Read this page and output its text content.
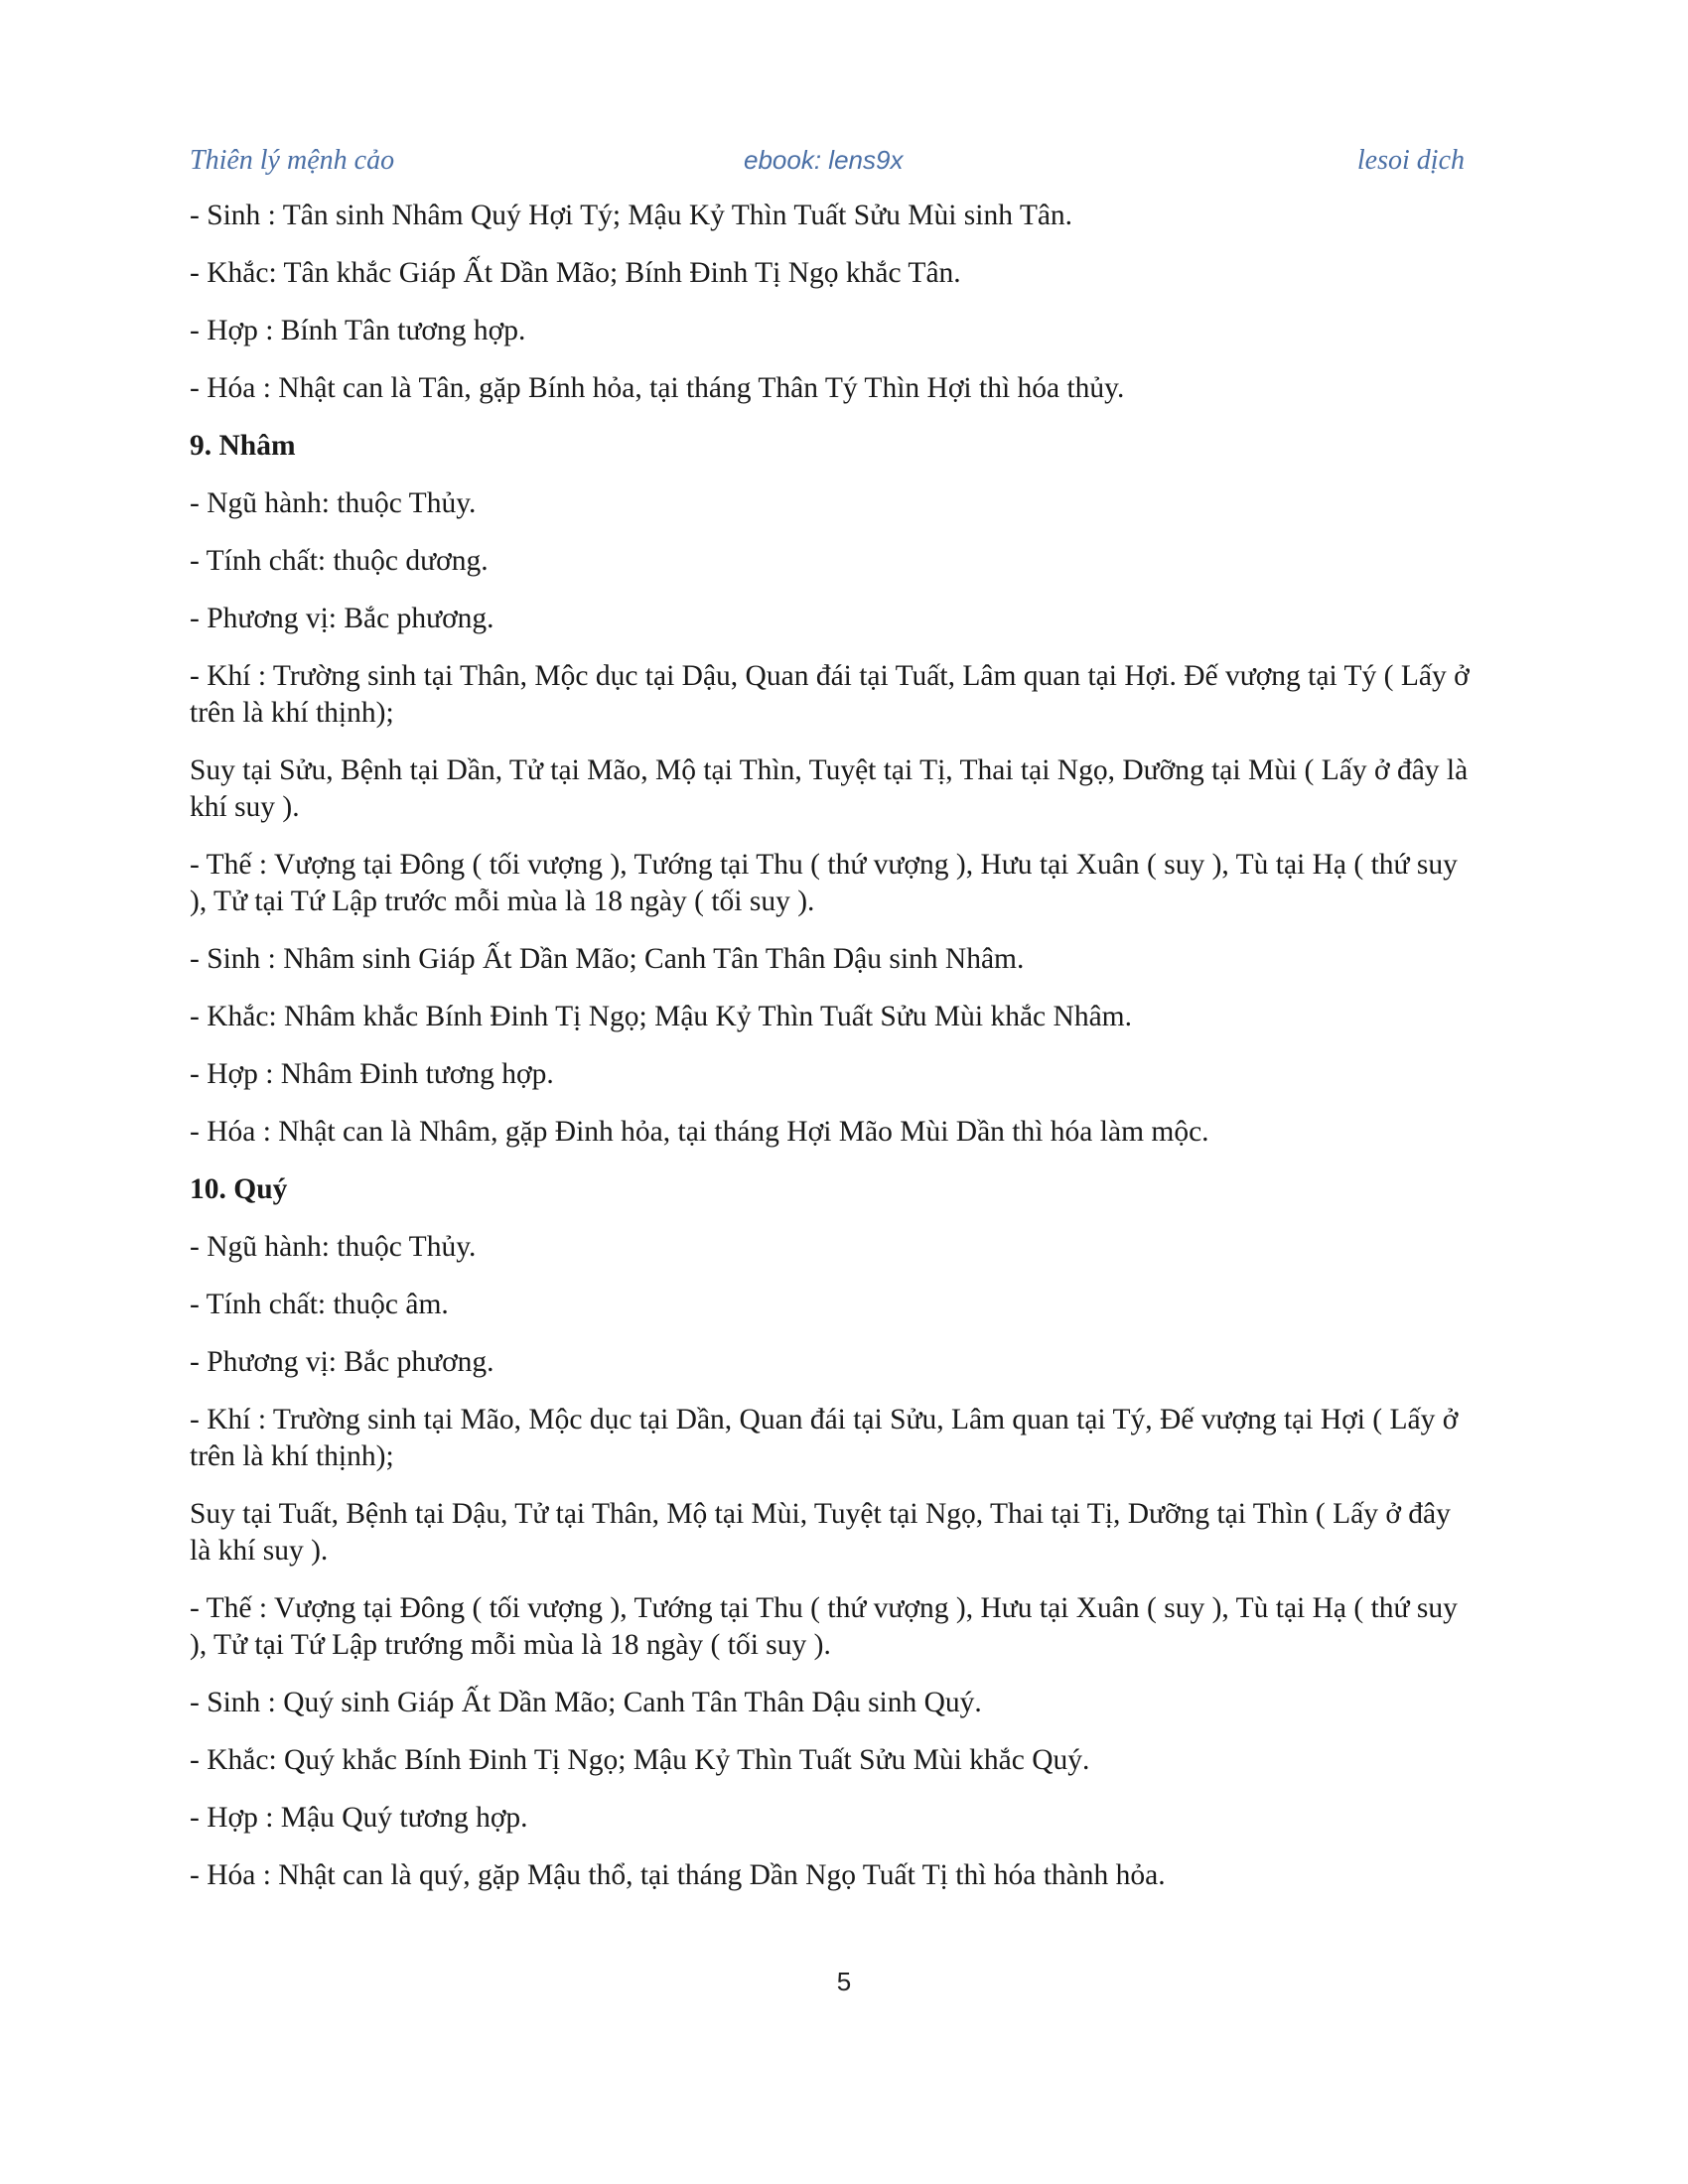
Thiên lý mệnh cảo	ebook: lens9x	lesoi dịch

- Sinh : Tân sinh Nhâm Quý Hợi Tý; Mậu Kỷ Thìn Tuất Sửu Mùi sinh Tân.

- Khắc: Tân khắc Giáp Ất Dần Mão; Bính Đinh Tị Ngọ khắc Tân.

- Hợp : Bính Tân tương hợp.

- Hóa : Nhật can là Tân, gặp Bính hỏa, tại tháng Thân Tý Thìn Hợi thì hóa thủy.

9. Nhâm

- Ngũ hành: thuộc Thủy.

- Tính chất: thuộc dương.

- Phương vị: Bắc phương.

- Khí : Trường sinh tại Thân, Mộc dục tại Dậu, Quan đái tại Tuất, Lâm quan tại Hợi. Đế vượng tại Tý ( Lấy ở trên là khí thịnh);

Suy tại Sửu, Bệnh tại Dần, Tử tại Mão, Mộ tại Thìn, Tuyệt tại Tị, Thai tại Ngọ, Dưỡng tại Mùi ( Lấy ở đây là khí suy ).

- Thế : Vượng tại Đông ( tối vượng ), Tướng tại Thu ( thứ vượng ), Hưu tại Xuân ( suy ), Tù tại Hạ ( thứ suy ), Tử tại Tứ Lập trước mỗi mùa là 18 ngày ( tối suy ).

- Sinh : Nhâm sinh Giáp Ất Dần Mão; Canh Tân Thân Dậu sinh Nhâm.

- Khắc: Nhâm khắc Bính Đinh Tị Ngọ; Mậu Kỷ Thìn Tuất Sửu Mùi khắc Nhâm.

- Hợp : Nhâm Đinh tương hợp.

- Hóa : Nhật can là Nhâm, gặp Đinh hỏa, tại tháng Hợi Mão Mùi Dần thì hóa làm mộc.

10. Quý

- Ngũ hành: thuộc Thủy.

- Tính chất: thuộc âm.

- Phương vị: Bắc phương.

- Khí : Trường sinh tại Mão, Mộc dục tại Dần, Quan đái tại Sửu, Lâm quan tại Tý, Đế vượng tại Hợi ( Lấy ở trên là khí thịnh);

Suy tại Tuất, Bệnh tại Dậu, Tử tại Thân, Mộ tại Mùi, Tuyệt tại Ngọ, Thai tại Tị, Dưỡng tại Thìn ( Lấy ở đây là khí suy ).

- Thế : Vượng tại Đông ( tối vượng ), Tướng tại Thu ( thứ vượng ), Hưu tại Xuân ( suy ), Tù tại Hạ ( thứ suy ), Tử tại Tứ Lập trướng mỗi mùa là 18 ngày ( tối suy ).

- Sinh : Quý sinh Giáp Ất Dần Mão; Canh Tân Thân Dậu sinh Quý.

- Khắc: Quý khắc Bính Đinh Tị Ngọ; Mậu Kỷ Thìn Tuất Sửu Mùi khắc Quý.

- Hợp : Mậu Quý tương hợp.

- Hóa : Nhật can là quý, gặp Mậu thổ, tại tháng Dần Ngọ Tuất Tị thì hóa thành hỏa.

5
